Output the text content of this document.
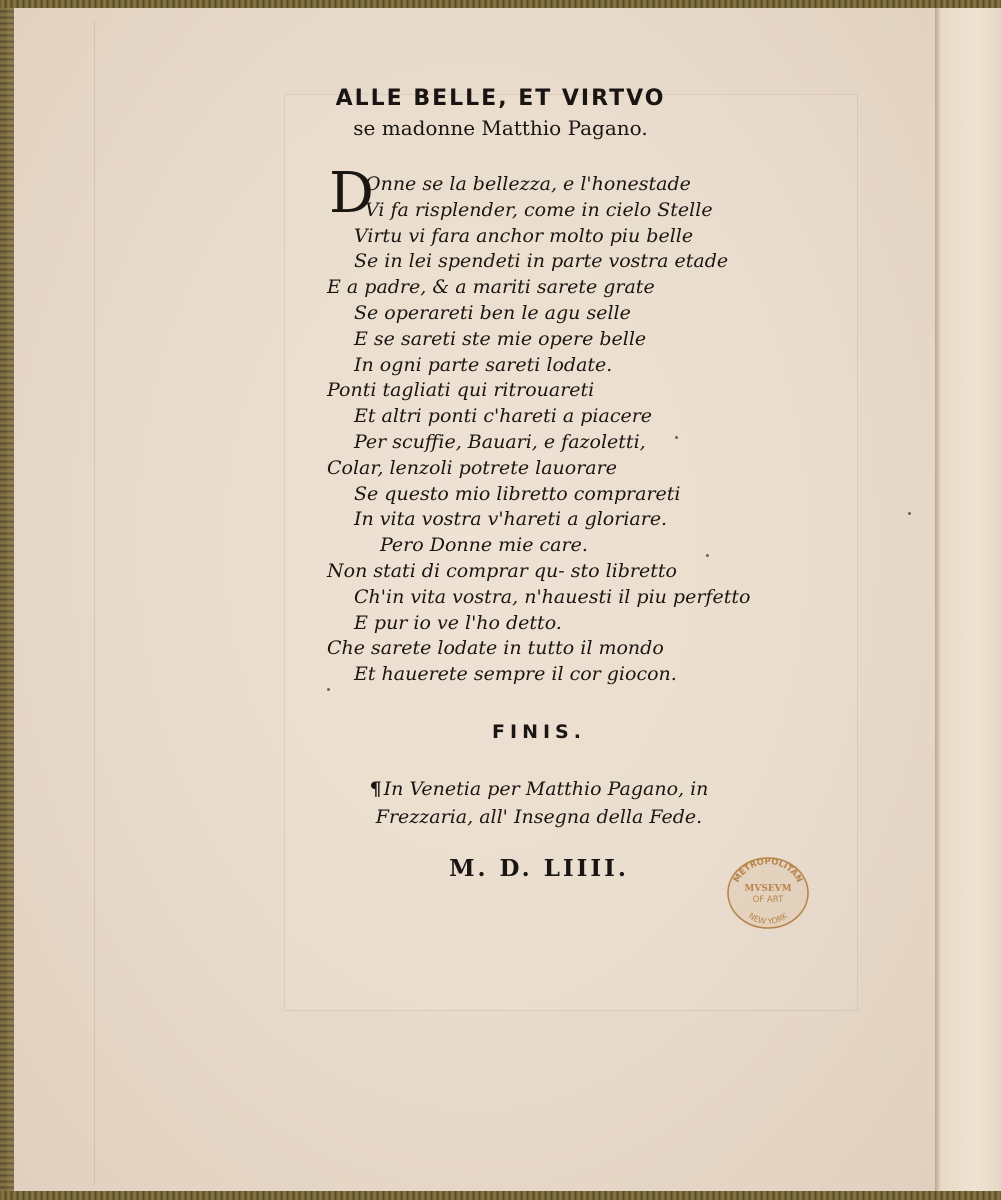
ALLE BELLE, ET VIRTVO
se madonne Matthio Pagano.
D
Onne se la bellezza, e l'honestade
Vi fa risplender, come in cielo Stelle
Virtu vi fara anchor molto piu belle
Se in lei spendeti in parte vostra etade
E a padre, & a mariti sarete grate
Se operareti ben le agu selle
E se sareti ste mie opere belle
In ogni parte sareti lodate.
Ponti tagliati qui ritrouareti
Et altri ponti c'hareti a piacere
Per scuffie, Bauari, e fazoletti,
Colar, lenzoli potrete lauorare
Se questo mio libretto comprareti
In vita vostra v'hareti a gloriare.
Pero Donne mie care.
Non stati di comprar qu- sto libretto
Ch'in vita vostra, n'hauesti il piu perfetto
E pur io ve l'ho detto.
Che sarete lodate in tutto il mondo
Et hauerete sempre il cor giocon.
FINIS.
¶ In Venetia per Matthio Pagano, in
Frezzaria, all' Insegna della Fede.
M. D. LIIII.	METROPOLITAN
MVSEVM
OF ART
NEW YORK
